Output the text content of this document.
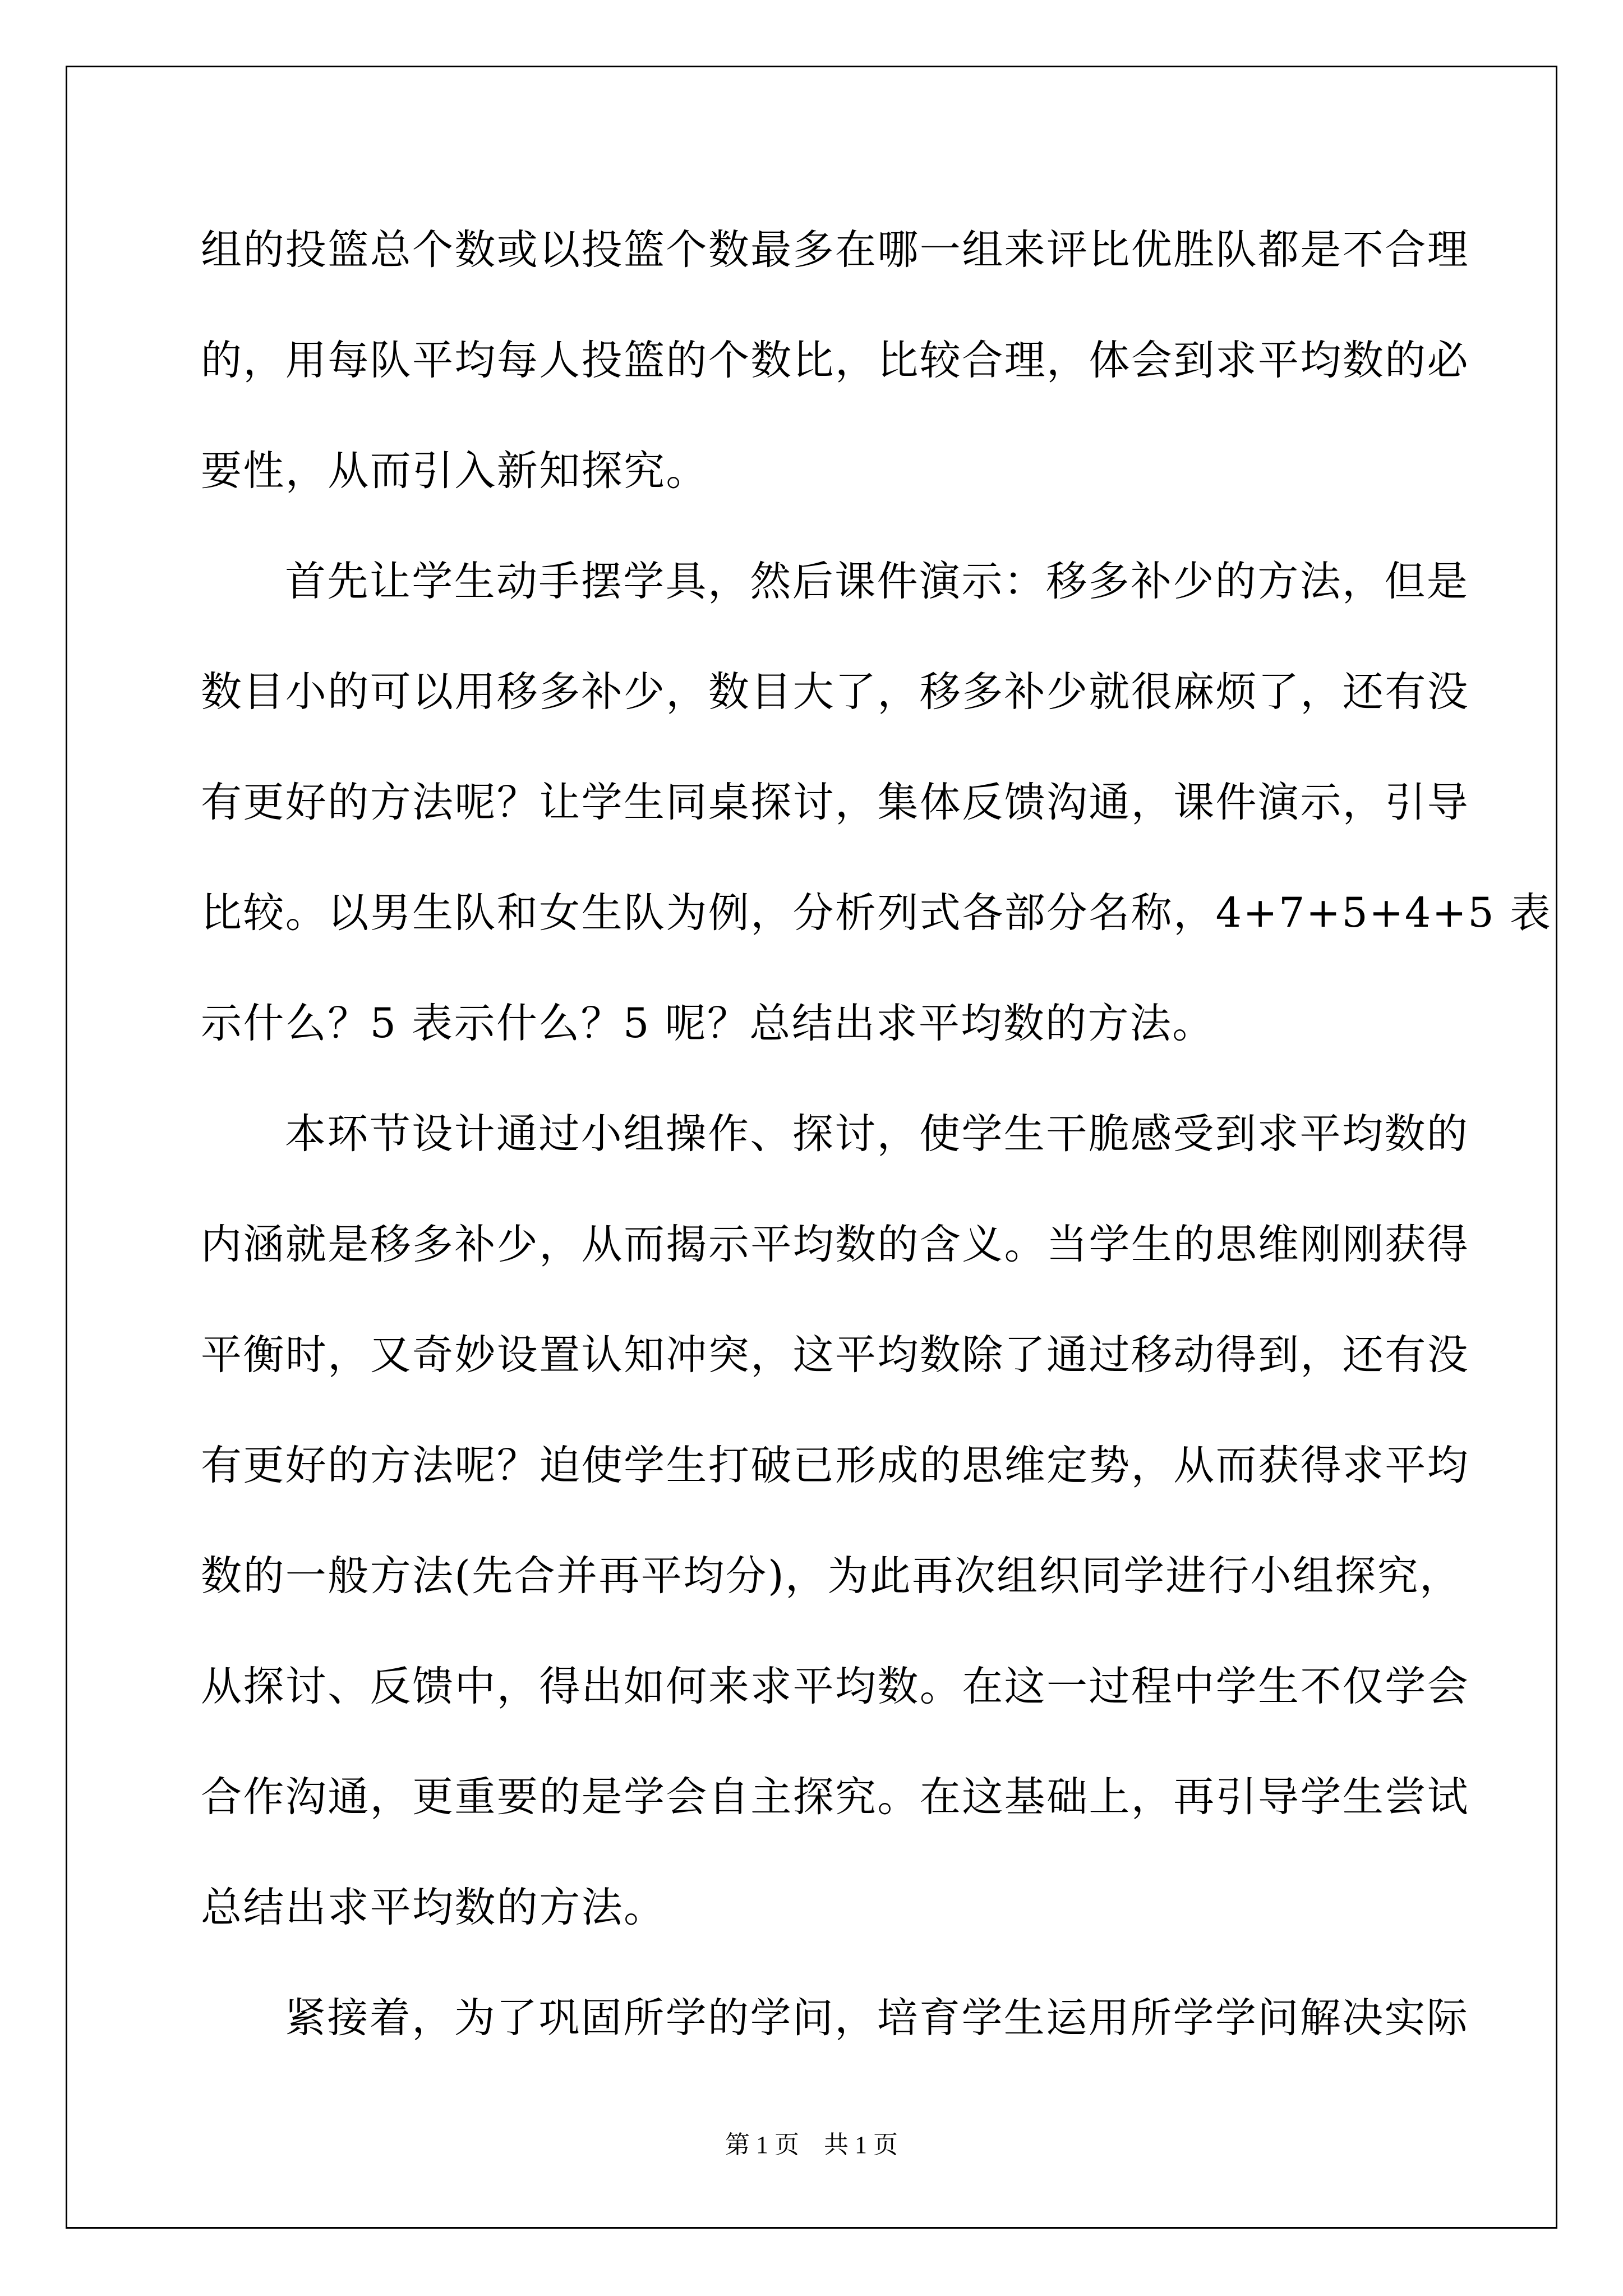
组的投篮总个数或以投篮个数最多在哪一组来评比优胜队都是不合理
的，用每队平均每人投篮的个数比，比较合理，体会到求平均数的必
要性，从而引入新知探究。
首先让学生动手摆学具，然后课件演示：移多补少的方法，但是
数目小的可以用移多补少，数目大了，移多补少就很麻烦了，还有没
有更好的方法呢？让学生同桌探讨，集体反馈沟通，课件演示，引导
比较。以男生队和女生队为例，分析列式各部分名称，4+7+5+4+5 表
示什么？5 表示什么？5 呢？总结出求平均数的方法。
本环节设计通过小组操作、探讨，使学生干脆感受到求平均数的
内涵就是移多补少，从而揭示平均数的含义。当学生的思维刚刚获得
平衡时，又奇妙设置认知冲突，这平均数除了通过移动得到，还有没
有更好的方法呢？迫使学生打破已形成的思维定势，从而获得求平均
数的一般方法(先合并再平均分)，为此再次组织同学进行小组探究，
从探讨、反馈中，得出如何来求平均数。在这一过程中学生不仅学会
合作沟通，更重要的是学会自主探究。在这基础上，再引导学生尝试
总结出求平均数的方法。
紧接着，为了巩固所学的学问，培育学生运用所学学问解决实际
第 1 页    共 1 页
